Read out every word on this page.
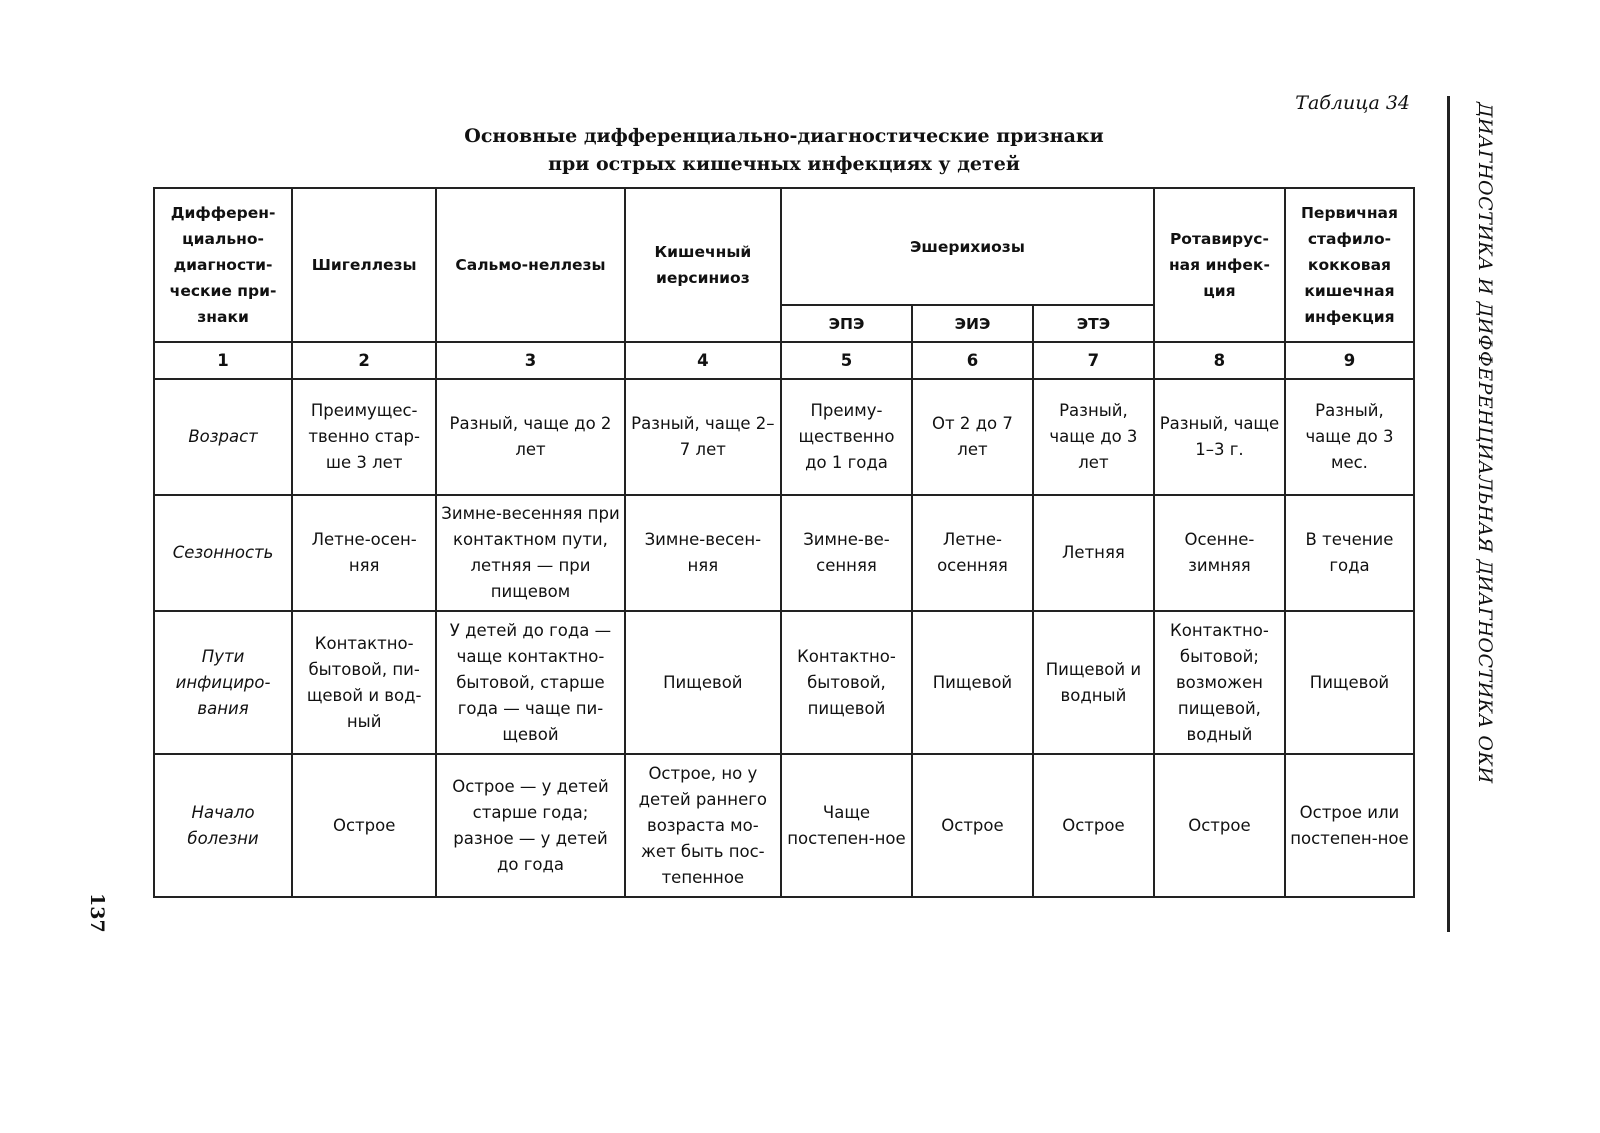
Таблица 34
Основные дифференциально-диагностические признаки
при острых кишечных инфекциях у детей
Дифферен-циально-диагности-ческие при-знаки	Шигеллезы	Сальмо-неллезы	Кишечный иерсиниоз	Эшерихиозы			Ротавирус-ная инфек-ция	Первичная стафило-кокковая кишечная инфекция
				ЭПЭ	ЭИЭ	ЭТЭ		
1	2	3	4	5	6	7	8	9
Возраст	Преимущес-твенно стар-ше 3 лет	Разный, чаще до 2 лет	Разный, чаще 2–7 лет	Преиму-щественно до 1 года	От 2 до 7 лет	Разный, чаще до 3 лет	Разный, чаще 1–3 г.	Разный, чаще до 3 мес.
Сезонность	Летне-осен-няя	Зимне-весенняя при контактном пути, летняя — при пищевом	Зимне-весен-няя	Зимне-ве-сенняя	Летне-осенняя	Летняя	Осенне-зимняя	В течение года
Пути инфициро-вания	Контактно-бытовой, пи-щевой и вод-ный	У детей до года — чаще контактно-бытовой, старше года — чаще пи-щевой	Пищевой	Контактно-бытовой, пищевой	Пищевой	Пищевой и водный	Контактно-бытовой; возможен пищевой, водный	Пищевой
Начало болезни	Острое	Острое — у детей старше года; разное — у детей до года	Острое, но у детей раннего возраста мо-жет быть пос-тепенное	Чаще постепен-ное	Острое	Острое	Острое	Острое или постепен-ное
ДИАГНОСТИКА И ДИФФЕРЕНЦИАЛЬНАЯ ДИАГНОСТИКА ОКИ
137
